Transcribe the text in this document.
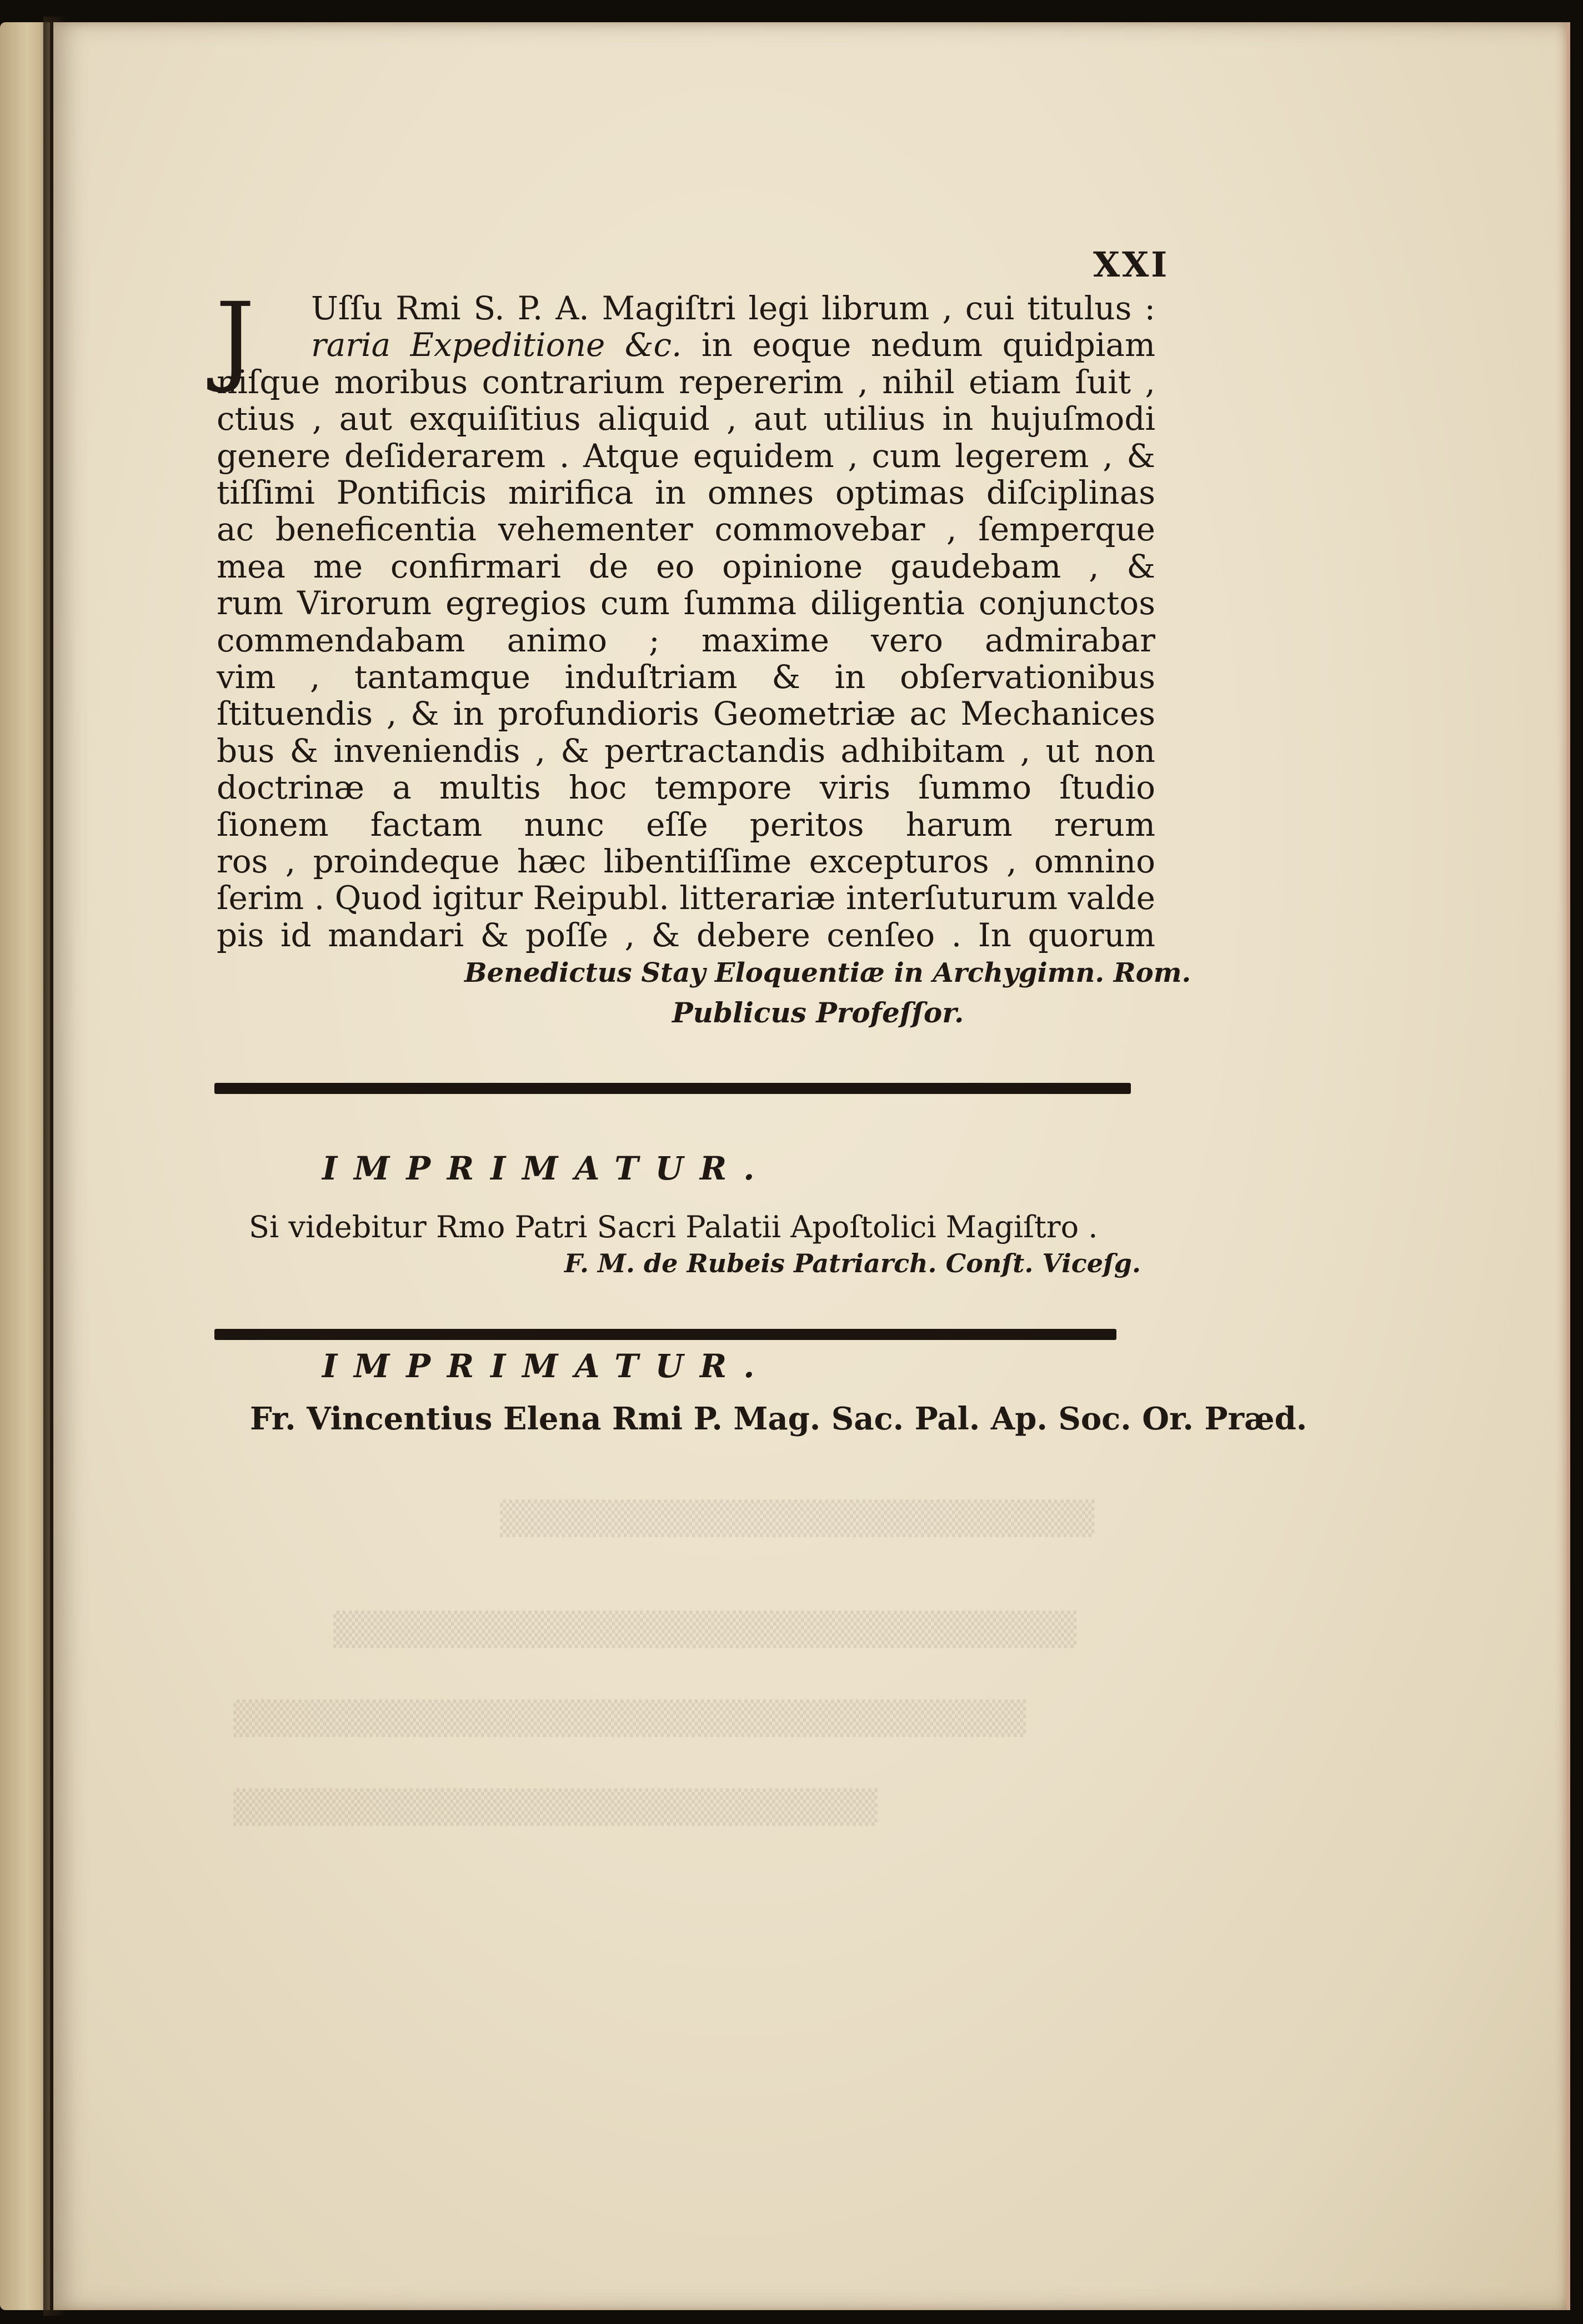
▒▒▒▒▒▒▒▒▒▒▒▒▒▒▒▒▒▒▒▒▒▒▒▒
▒▒▒▒▒▒▒▒▒▒▒▒▒▒▒▒▒▒▒▒▒▒▒▒▒▒▒▒▒▒
▒▒▒▒▒▒▒▒▒▒▒▒▒▒▒▒▒▒▒▒▒▒▒▒▒▒▒▒▒▒▒▒
▒▒▒▒▒▒▒▒▒▒▒▒▒▒▒▒▒▒▒▒▒▒▒▒▒▒

XXI

J Uſſu Rmi S. P. A. Magiſtri legi librum , cui titulus :

raria Expeditione &c. in eoque nedum quidpiam

niſque moribus contrarium repererim , nihil etiam ſuit ,

ctius , aut exquiſitius aliquid , aut utilius in hujuſmodi

genere deſiderarem . Atque equidem , cum legerem , &

tiſſimi Pontificis mirifica in omnes optimas diſciplinas

ac beneficentia vehementer commovebar , ſemperque

mea me confirmari de eo opinione gaudebam , &

rum Virorum egregios cum ſumma diligentia conjunctos

commendabam animo ; maxime vero admirabar

vim , tantamque induſtriam & in obſervationibus

ſtituendis , & in profundioris Geometriæ ac Mechanices

bus & inveniendis , & pertractandis adhibitam , ut non

doctrinæ a multis hoc tempore viris ſummo ſtudio

ſionem factam nunc eſſe peritos harum rerum

ros , proindeque hæc libentiſſime excepturos , omnino

ſerim . Quod igitur Reipubl. litterariæ interſuturum valde

pis id mandari & poſſe , & debere cenſeo . In quorum

Benedictus Stay Eloquentiæ in Archygimn. Rom.

Publicus Profeſſor.

IMPRIMATUR.

Si videbitur Rmo Patri Sacri Palatii Apoſtolici Magiſtro .

F. M. de Rubeis Patriarch. Conſt. Viceſg.

IMPRIMATUR.

Fr. Vincentius Elena Rmi P. Mag. Sac. Pal. Ap. Soc. Or. Præd.
